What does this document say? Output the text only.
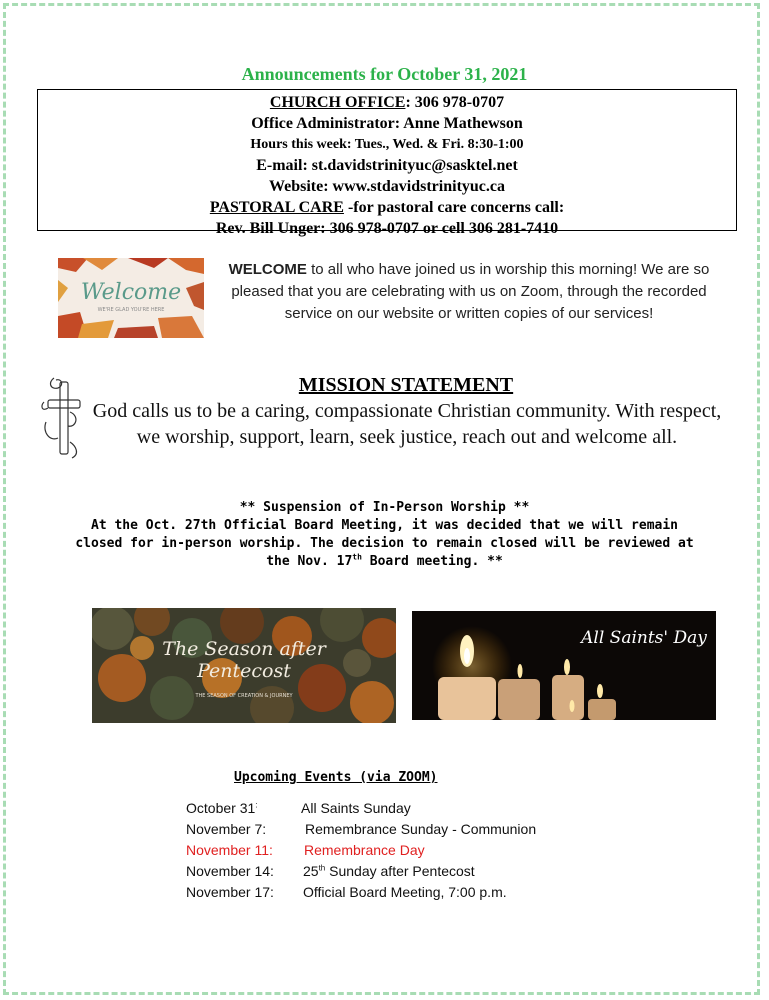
Announcements for October 31, 2021
CHURCH OFFICE: 306 978-0707
Office Administrator: Anne Mathewson
Hours this week: Tues., Wed. & Fri. 8:30-1:00
E-mail: st.davidstrinityuc@sasktel.net
Website: www.stdavidstrinityuc.ca
PASTORAL CARE -for pastoral care concerns call:
Rev. Bill Unger: 306 978-0707 or cell 306 281-7410
Welcome
WE'RE GLAD YOU'RE HERE
WELCOME to all who have joined us in worship this morning! We are so pleased that you are celebrating with us on Zoom, through the recorded service on our website or written copies of our services!
MISSION STATEMENT
God calls us to be a caring, compassionate Christian community. With respect, we worship, support, learn, seek justice, reach out and welcome all.
** Suspension of In-Person Worship **
At the Oct. 27th Official Board Meeting, it was decided that we will remain
closed for in-person worship. The decision to remain closed will be reviewed at
the Nov. 17th Board meeting. **
The Season after
Pentecost
THE SEASON OF CREATION & JOURNEY
All Saints' Day
Upcoming Events (via ZOOM)
October 31:	All Saints Sunday
November 7:	Remembrance Sunday - Communion
November 11: Remembrance Day
November 14: 25th Sunday after Pentecost
November 17: Official Board Meeting, 7:00 p.m.
